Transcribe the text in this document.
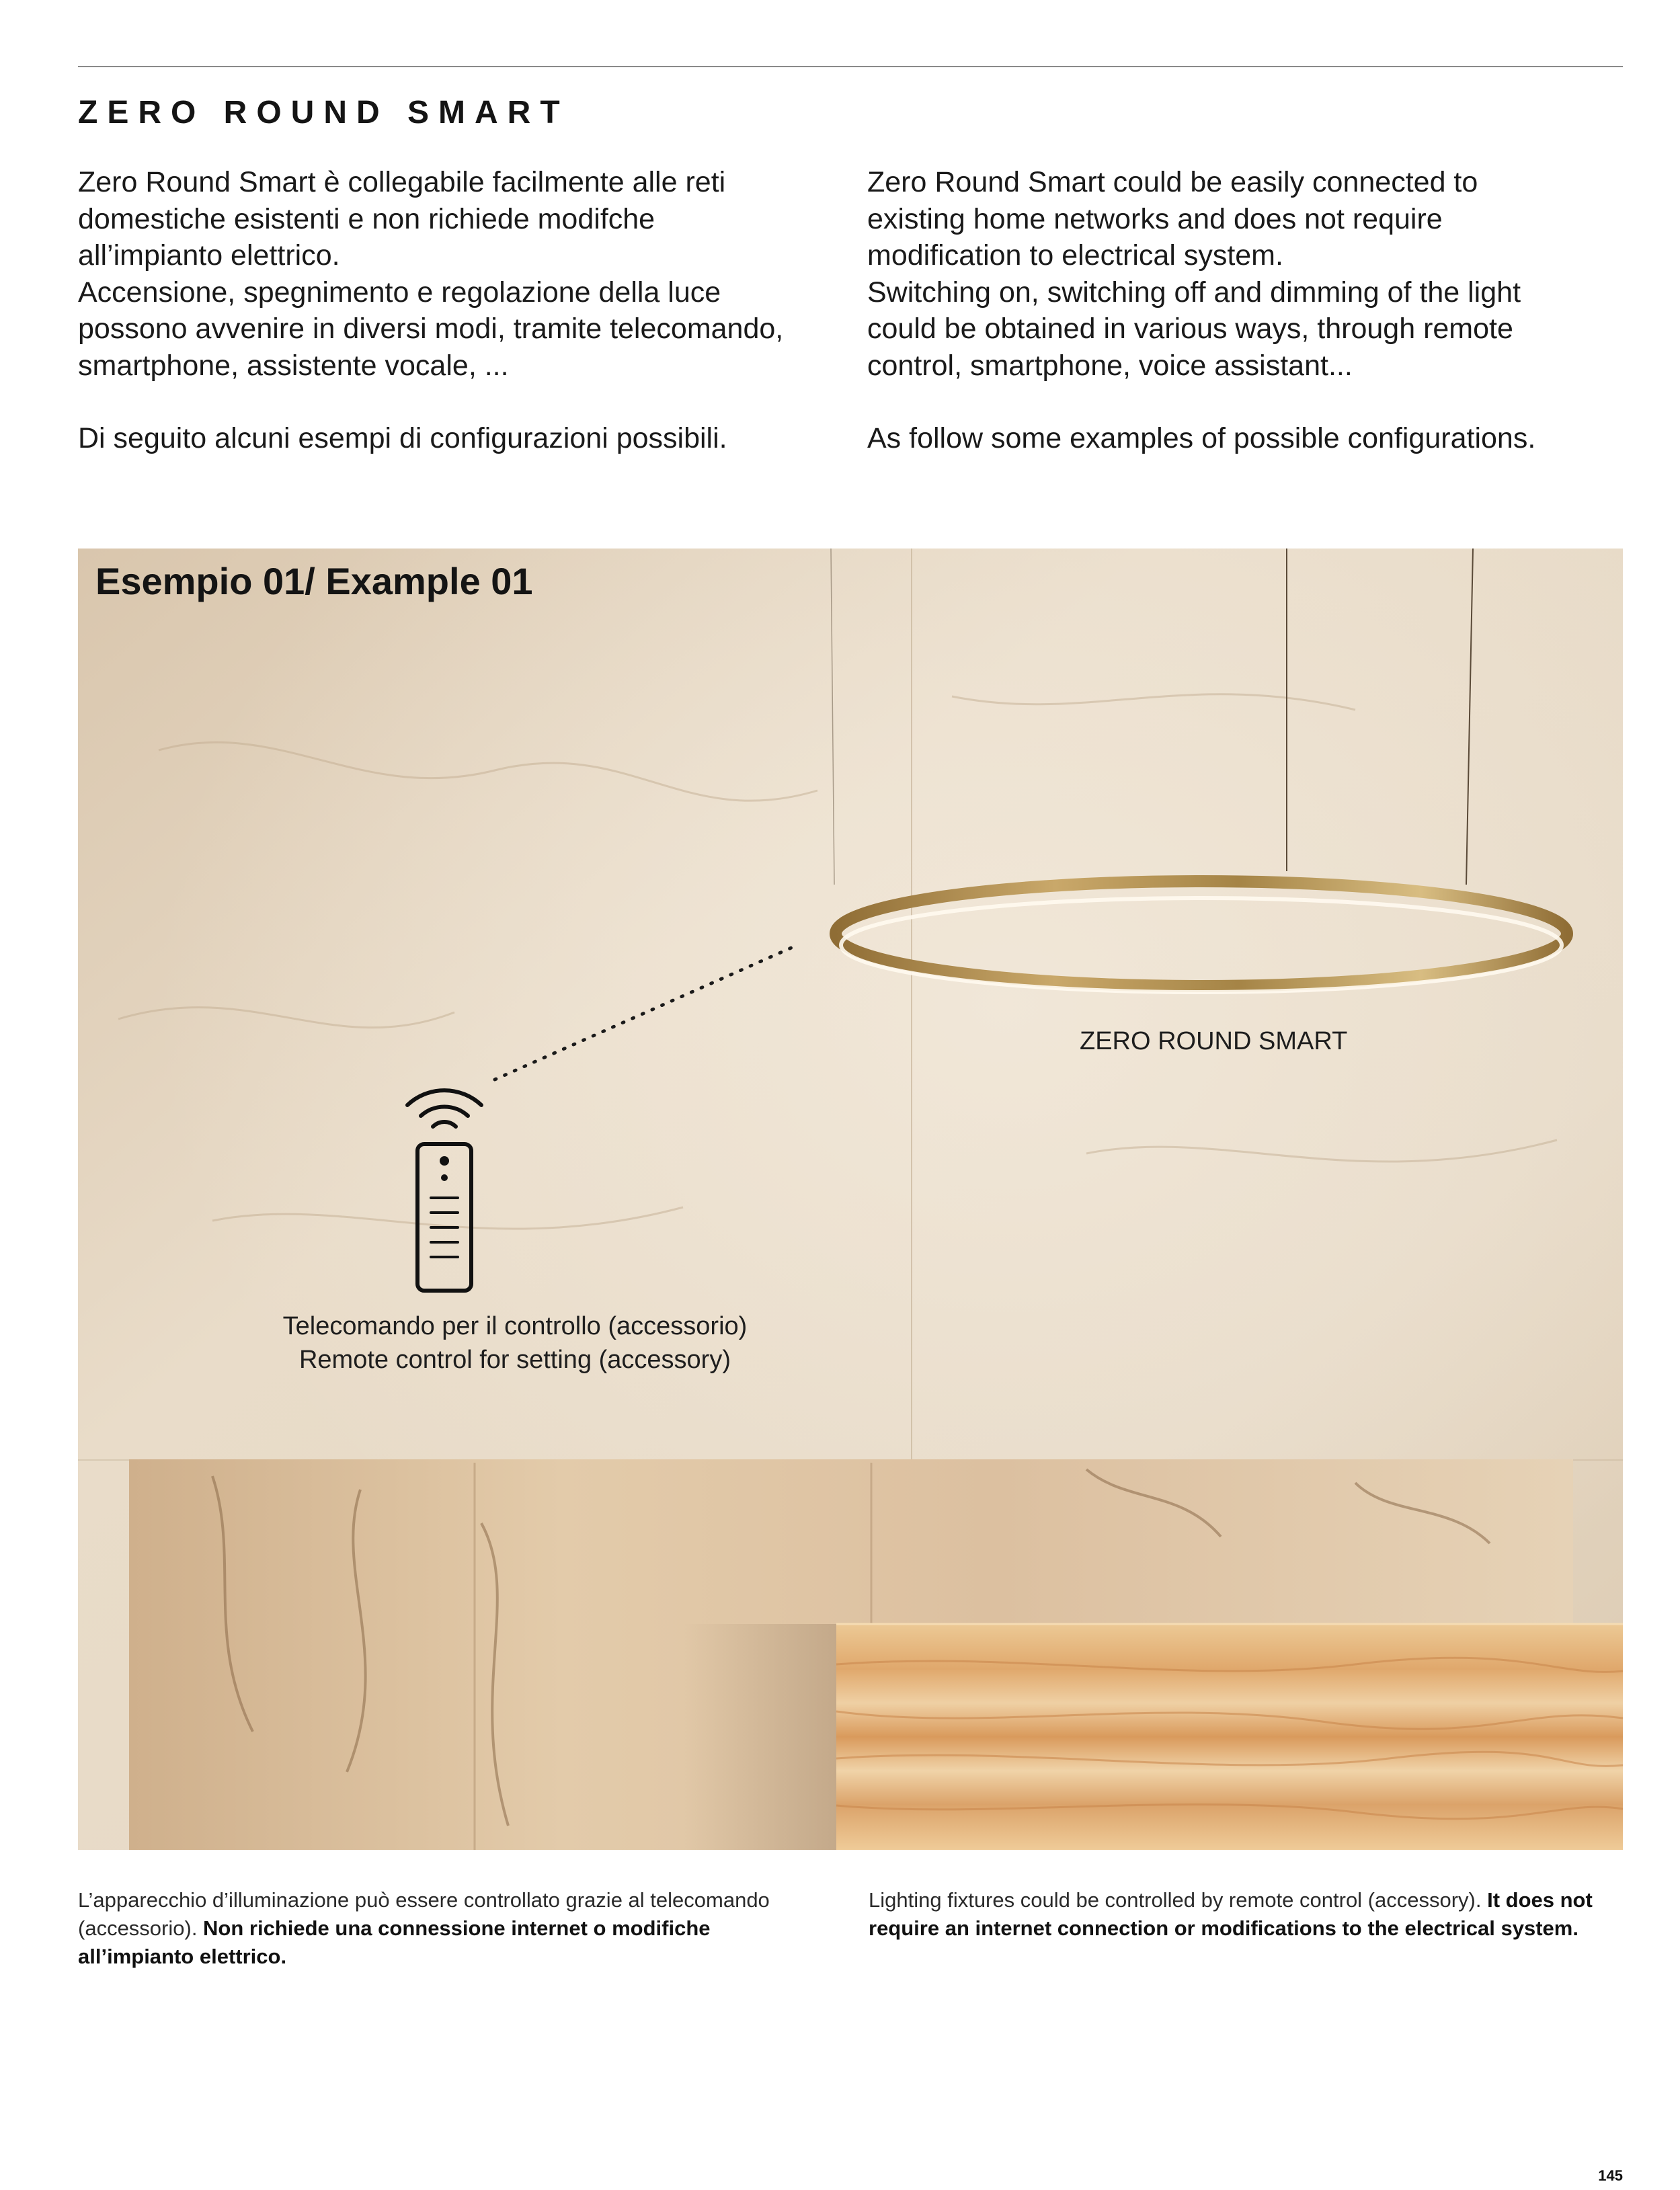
ZERO ROUND SMART

Zero Round Smart è collegabile facilmente alle reti domestiche esistenti e non richiede modifche all’impianto elettrico.

Accensione, spegnimento e regolazione della luce possono avvenire in diversi modi, tramite telecomando, smartphone, assistente vocale, ...

Di seguito alcuni esempi di configurazioni possibili.

Zero Round Smart could be easily connected to existing home networks and does not require modification to electrical system.

Switching on, switching off and dimming of the light could be obtained in various ways, through remote control, smartphone, voice assistant...

As follow some examples of possible configurations.

Esempio 01/ Example 01
ZERO ROUND SMART
Telecomando per il controllo (accessorio)
Remote control for setting (accessory)

L’apparecchio d’illuminazione può essere controllato grazie al telecomando (accessorio). Non richiede una connessione internet o modifiche all’impianto elettrico.

Lighting fixtures could be controlled by remote control (accessory). It does not require an internet connection or modifications to the electrical system.

145
